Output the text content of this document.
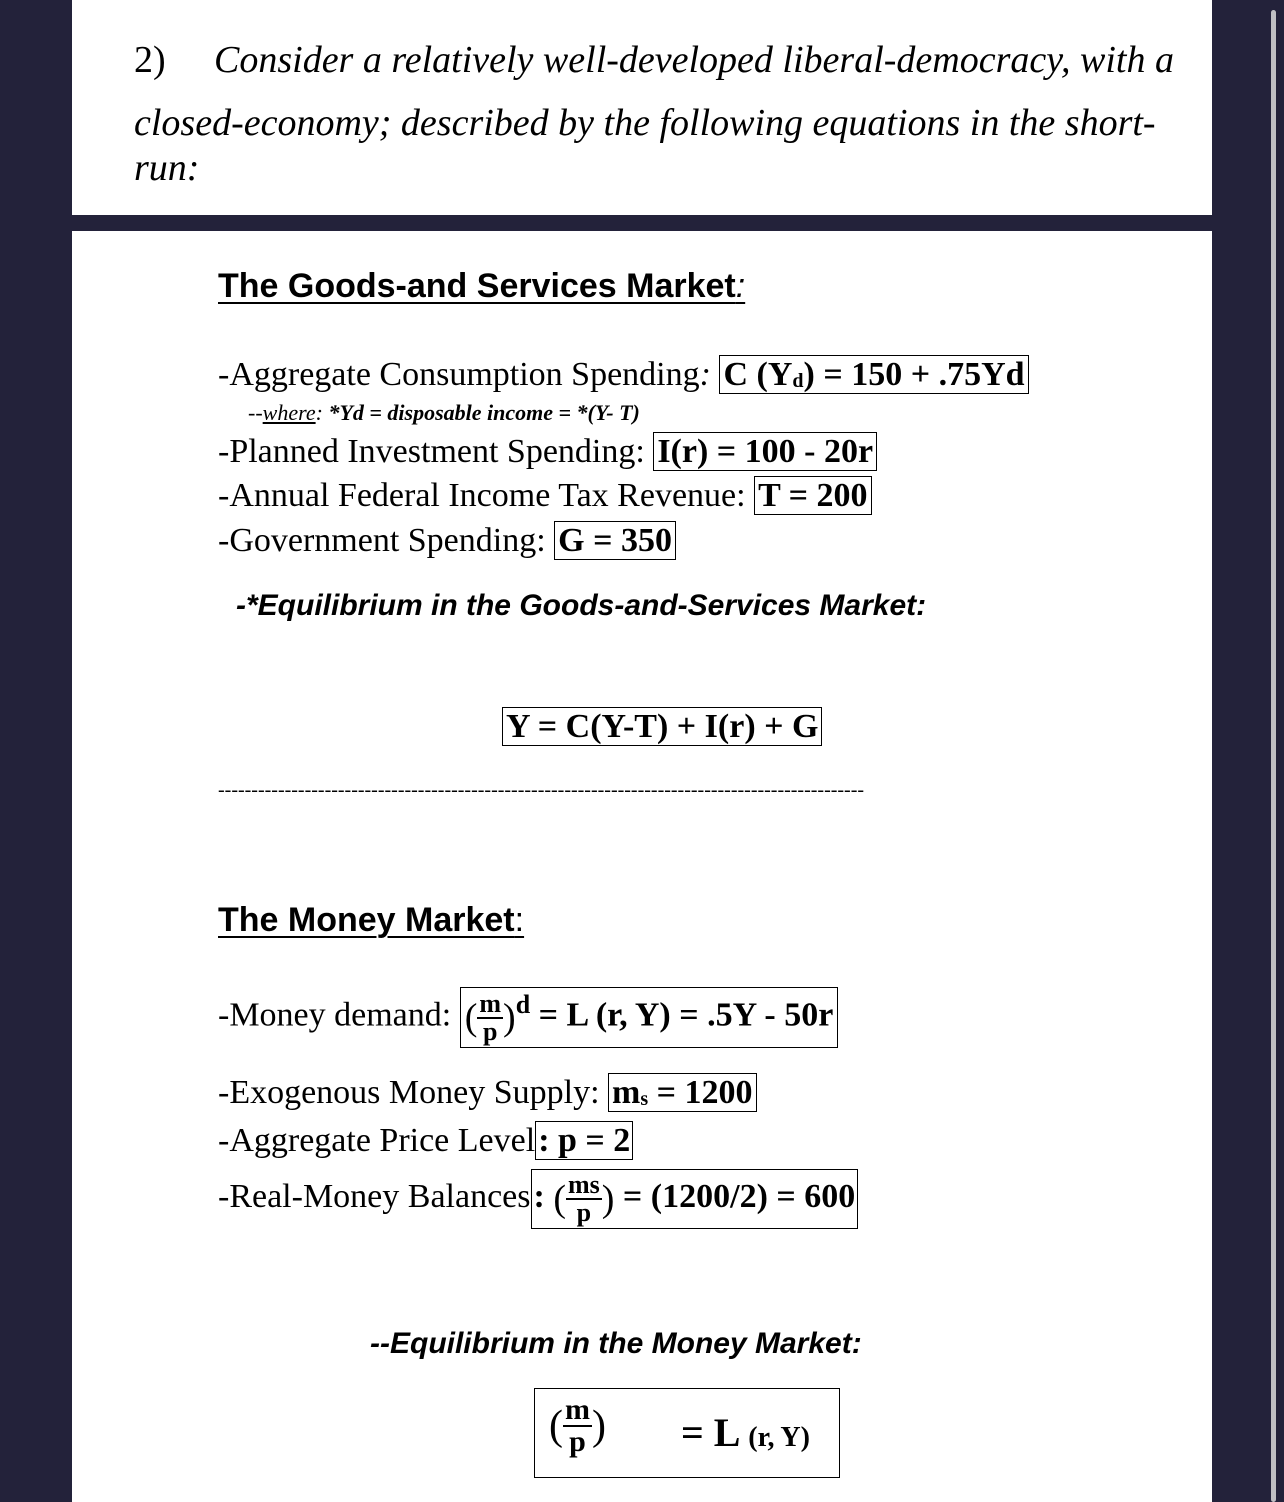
2) Consider a relatively well-developed liberal-democracy, with a
closed-economy; described by the following equations in the short-
run:
The Goods-and Services Market:
-Aggregate Consumption Spending: C (Yd) = 150 + .75Yd
--where: *Yd = disposable income = *(Y- T)
-Planned Investment Spending: I(r) = 100 - 20r
-Annual Federal Income Tax Revenue: T = 200
-Government Spending: G = 350
-*Equilibrium in the Goods-and-Services Market:
Y = C(Y-T) + I(r) + G
-------------------------------------------------------------------------------------------------
The Money Market:
-Money demand: ( $\frac{m}{p} )^d = L$ (r, Y) = .5Y - 50r
-Exogenous Money Supply: ms = 1200
-Aggregate Price Level: p = 2
-Real-Money Balances: ( $\frac{ms}{p}$ ) = (1200/2) = 600
--Equilibrium in the Money Market:
( $\frac{m}{p}$ ) = L (r, Y)
